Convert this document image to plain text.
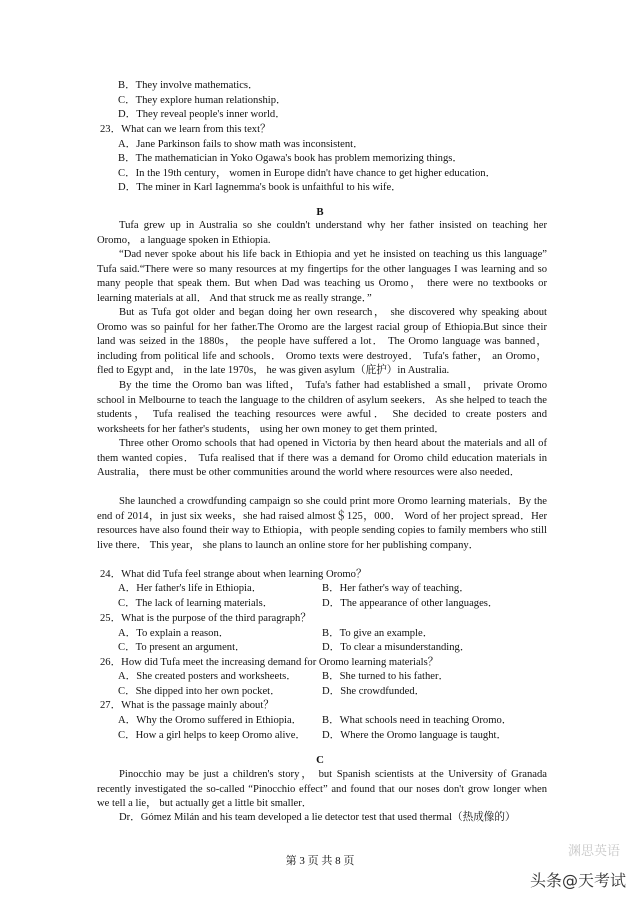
B．They involve mathematics．
C．They explore human relationship．
D．They reveal people's inner world．
23．What can we learn from this text？
A．Jane Parkinson fails to show math was inconsistent．
B．The mathematician in Yoko Ogawa's book has problem memorizing things．
C．In the 19th century， women in Europe didn't have chance to get higher education．
D．The miner in Karl Iagnemma's book is unfaithful to his wife．
B
Tufa grew up in Australia so she couldn't understand why her father insisted on teaching her Oromo， a language spoken in Ethiopia.
“Dad never spoke about his life back in Ethiopia and yet he insisted on teaching us this language” Tufa said.“There were so many resources at my fingertips for the other languages I was learning and so many people that speak them. But when Dad was teaching us Oromo， there were no textbooks or learning materials at all． And that struck me as really strange．”
But as Tufa got older and began doing her own research， she discovered why speaking about Oromo was so painful for her father.The Oromo are the largest racial group of Ethiopia.But since their land was seized in the 1880s， the people have suffered a lot． The Oromo language was banned， including from political life and schools． Oromo texts were destroyed． Tufa's father， an Oromo， fled to Egypt and， in the late 1970s， he was given asylum（庇护）in Australia.
By the time the Oromo ban was lifted， Tufa's father had established a small， private Oromo school in Melbourne to teach the language to the children of asylum seekers． As she helped to teach the students， Tufa realised the teaching resources were awful． She decided to create posters and worksheets for her father's students， using her own money to get them printed．
Three other Oromo schools that had opened in Victoria by then heard about the materials and all of them wanted copies． Tufa realised that if there was a demand for Oromo child education materials in Australia， there must be other communities around the world where resources were also needed．
She launched a crowdfunding campaign so she could print more Oromo learning materials．By the end of 2014，in just six weeks，she had raised almost＄125，000． Word of her project spread．Her resources have also found their way to Ethiopia，with people sending copies to family members who still live there． This year， she plans to launch an online store for her publishing company．
24．What did Tufa feel strange about when learning Oromo？
A．Her father's life in Ethiopia．	B．Her father's way of teaching．
C．The lack of learning materials．	D．The appearance of other languages．
25．What is the purpose of the third paragraph？
A．To explain a reason．	B．To give an example．
C．To present an argument．	D．To clear a misunderstanding．
26．How did Tufa meet the increasing demand for Oromo learning materials？
A．She created posters and worksheets． B．She turned to his father．
C．She dipped into her own pocket．	D．She crowdfunded．
27．What is the passage mainly about？
A．Why the Oromo suffered in Ethiopia． B．What schools need in teaching Oromo．
C．How a girl helps to keep Oromo alive． D．Where the Oromo language is taught．
C
Pinocchio may be just a children's story， but Spanish scientists at the University of Granada recently investigated the so-called “Pinocchio effect” and found that our noses don't grow longer when we tell a lie， but actually get a little bit smaller．
Dr．Gómez Milán and his team developed a lie detector test that used thermal（热成像的）
第 3 页 共 8 页
渊思英语
头条@天考试
